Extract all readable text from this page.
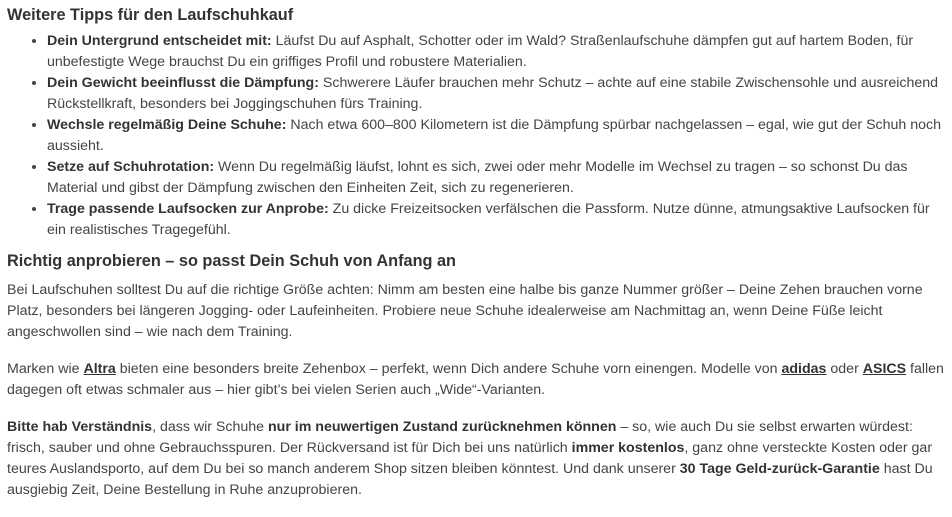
Weitere Tipps für den Laufschuhkauf
• Dein Untergrund entscheidet mit: Läufst Du auf Asphalt, Schotter oder im Wald? Straßenlaufschuhe dämpfen gut auf hartem Boden, für unbefestigte Wege brauchst Du ein griffiges Profil und robustere Materialien.
• Dein Gewicht beeinflusst die Dämpfung: Schwerere Läufer brauchen mehr Schutz – achte auf eine stabile Zwischensohle und ausreichend Rückstellkraft, besonders bei Joggingschuhen fürs Training.
• Wechsle regelmäßig Deine Schuhe: Nach etwa 600–800 Kilometern ist die Dämpfung spürbar nachgelassen – egal, wie gut der Schuh noch aussieht.
• Setze auf Schuhrotation: Wenn Du regelmäßig läufst, lohnt es sich, zwei oder mehr Modelle im Wechsel zu tragen – so schonst Du das Material und gibst der Dämpfung zwischen den Einheiten Zeit, sich zu regenerieren.
• Trage passende Laufsocken zur Anprobe: Zu dicke Freizeitsocken verfälschen die Passform. Nutze dünne, atmungsaktive Laufsocken für ein realistisches Tragegefühl.
Richtig anprobieren – so passt Dein Schuh von Anfang an

Bei Laufschuhen solltest Du auf die richtige Größe achten: Nimm am besten eine halbe bis ganze Nummer größer – Deine Zehen brauchen vorne Platz, besonders bei längeren Jogging- oder Laufeinheiten. Probiere neue Schuhe idealerweise am Nachmittag an, wenn Deine Füße leicht angeschwollen sind – wie nach dem Training.

Marken wie Altra bieten eine besonders breite Zehenbox – perfekt, wenn Dich andere Schuhe vorn einengen. Modelle von adidas oder ASICS fallen dagegen oft etwas schmaler aus – hier gibt’s bei vielen Serien auch „Wide“-Varianten.

Bitte hab Verständnis, dass wir Schuhe nur im neuwertigen Zustand zurücknehmen können – so, wie auch Du sie selbst erwarten würdest: frisch, sauber und ohne Gebrauchsspuren. Der Rückversand ist für Dich bei uns natürlich immer kostenlos, ganz ohne versteckte Kosten oder gar teures Auslandsporto, auf dem Du bei so manch anderem Shop sitzen bleiben könntest. Und dank unserer 30 Tage Geld-zurück-Garantie hast Du ausgiebig Zeit, Deine Bestellung in Ruhe anzuprobieren.
